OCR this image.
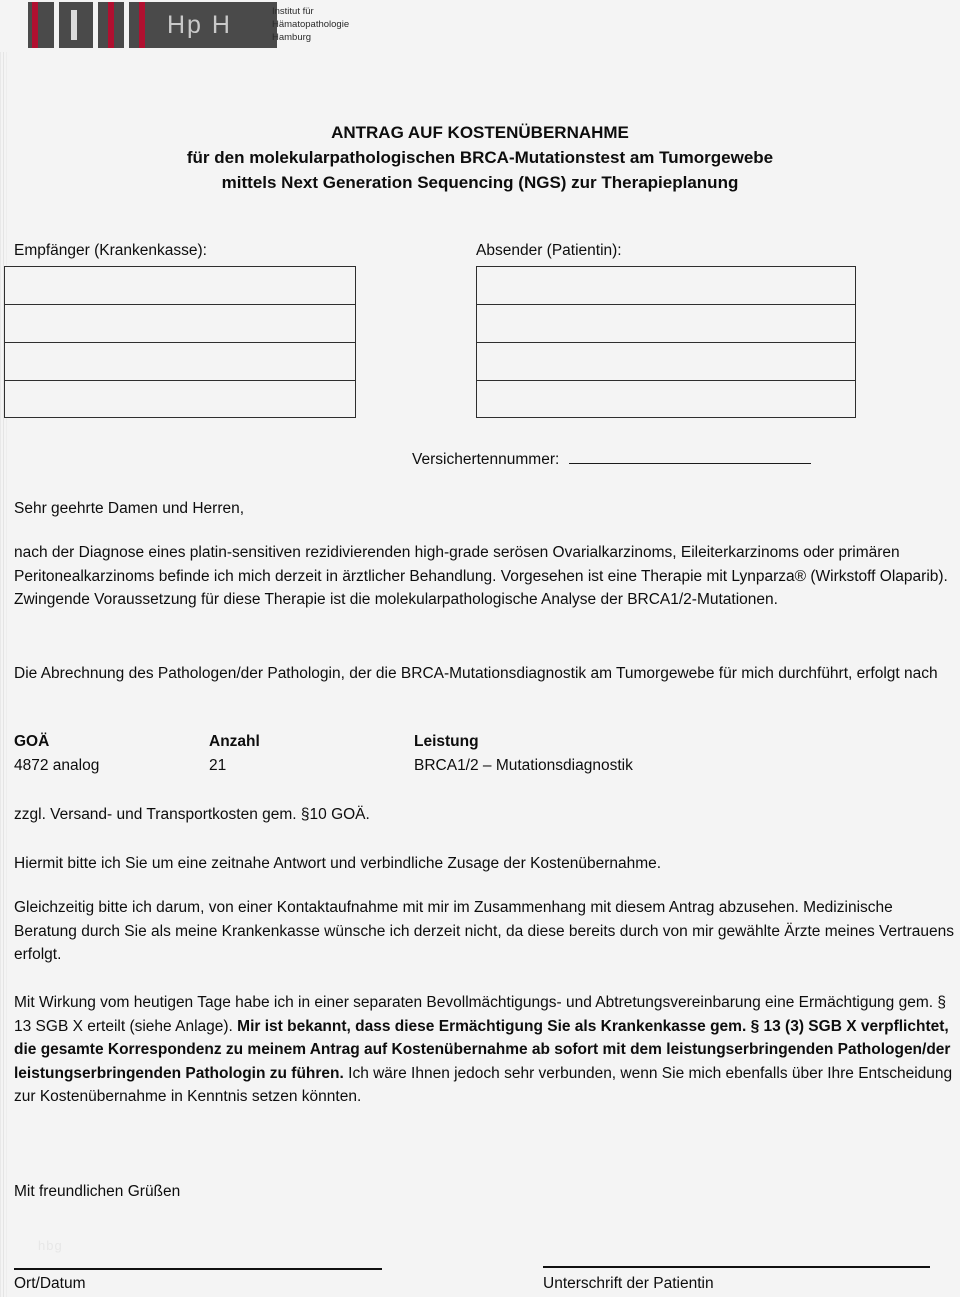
Hp H	Institut für
Hämatopathologie
Hamburg
ANTRAG AUF KOSTENÜBERNAHME
für den molekularpathologischen BRCA-Mutationstest am Tumorgewebe
mittels Next Generation Sequencing (NGS) zur Therapieplanung
Empfänger (Krankenkasse):	Absender (Patientin):
Versichertennummer:
Sehr geehrte Damen und Herren,
nach der Diagnose eines platin-sensitiven rezidivierenden high-grade serösen Ovarialkarzinoms, Eileiterkarzinoms oder primären Peritonealkarzinoms befinde ich mich derzeit in ärztlicher Behandlung. Vorgesehen ist eine Therapie mit Lynparza® (Wirkstoff Olaparib). Zwingende Voraussetzung für diese Therapie ist die molekularpathologische Analyse der BRCA1/2-Mutationen.
Die Abrechnung des Pathologen/der Pathologin, der die BRCA-Mutationsdiagnostik am Tumorgewebe für mich durchführt, erfolgt nach
GOÄ	Anzahl	Leistung
4872 analog	21	BRCA1/2 – Mutationsdiagnostik
zzgl. Versand- und Transportkosten gem. §10 GOÄ.
Hiermit bitte ich Sie um eine zeitnahe Antwort und verbindliche Zusage der Kostenübernahme.
Gleichzeitig bitte ich darum, von einer Kontaktaufnahme mit mir im Zusammenhang mit diesem Antrag abzusehen. Medizinische Beratung durch Sie als meine Krankenkasse wünsche ich derzeit nicht, da diese bereits durch von mir gewählte Ärzte meines Vertrauens erfolgt.
Mit Wirkung vom heutigen Tage habe ich in einer separaten Bevollmächtigungs- und Abtretungsvereinbarung eine Ermächtigung gem. § 13 SGB X erteilt (siehe Anlage). Mir ist bekannt, dass diese Ermächtigung Sie als Krankenkasse gem. § 13 (3) SGB X verpflichtet, die gesamte Korrespondenz zu meinem Antrag auf Kostenübernahme ab sofort mit dem leistungserbringenden Pathologen/der leistungserbringenden Pathologin zu führen. Ich wäre Ihnen jedoch sehr verbunden, wenn Sie mich ebenfalls über Ihre Entscheidung zur Kostenübernahme in Kenntnis setzen könnten.
Mit freundlichen Grüßen
hbg
Ort/Datum	Unterschrift der Patientin
